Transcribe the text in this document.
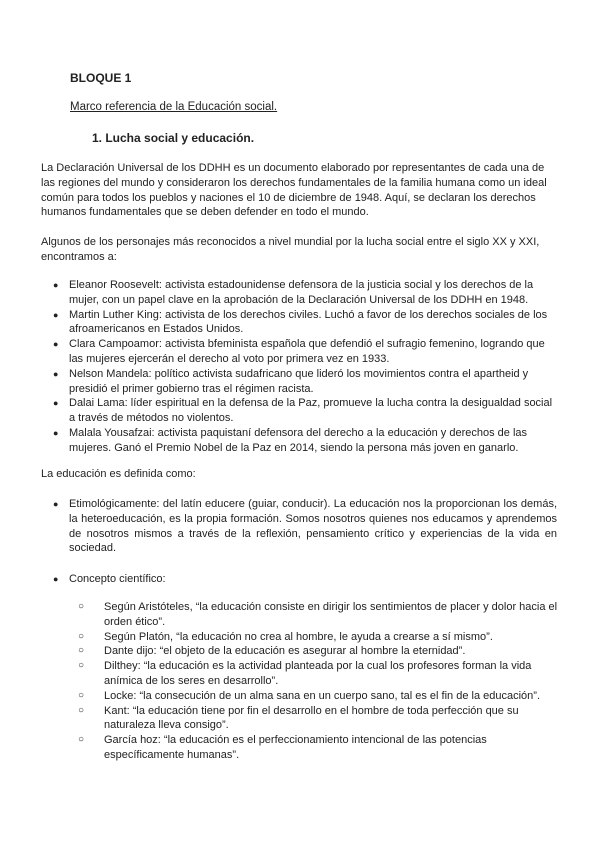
BLOQUE 1

Marco referencia de la Educación social.

1. Lucha social y educación.

La Declaración Universal de los DDHH es un documento elaborado por representantes de cada una de las regiones del mundo y consideraron los derechos fundamentales de la familia humana como un ideal común para todos los pueblos y naciones el 10 de diciembre de 1948. Aquí, se declaran los derechos humanos fundamentales que se deben defender en todo el mundo.

Algunos de los personajes más reconocidos a nivel mundial por la lucha social entre el siglo XX y XXI, encontramos a:

● Eleanor Roosevelt: activista estadounidense defensora de la justicia social y los derechos de la mujer, con un papel clave en la aprobación de la Declaración Universal de los DDHH en 1948.
● Martin Luther King: activista de los derechos civiles. Luchó a favor de los derechos sociales de los afroamericanos en Estados Unidos.
● Clara Campoamor: activista bfeminista española que defendió el sufragio femenino, logrando que las mujeres ejercerán el derecho al voto por primera vez en 1933.
● Nelson Mandela: político activista sudafricano que lideró los movimientos contra el apartheid y presidió el primer gobierno tras el régimen racista.
● Dalai Lama: líder espiritual en la defensa de la Paz, promueve la lucha contra la desigualdad social a través de métodos no violentos.
● Malala Yousafzai: activista paquistaní defensora del derecho a la educación y derechos de las mujeres. Ganó el Premio Nobel de la Paz en 2014, siendo la persona más joven en ganarlo.

La educación es definida como:

● Etimológicamente: del latín educere (guiar, conducir). La educación nos la proporcionan los demás, la heteroeducación, es la propia formación. Somos nosotros quienes nos educamos y aprendemos de nosotros mismos a través de la reflexión, pensamiento crítico y experiencias de la vida en sociedad.
● Concepto científico:
○ Según Aristóteles, “la educación consiste en dirigir los sentimientos de placer y dolor hacia el orden ético”.
○ Según Platón, “la educación no crea al hombre, le ayuda a crearse a sí mismo”.
○ Dante dijo: “el objeto de la educación es asegurar al hombre la eternidad”.
○ Dilthey: “la educación es la actividad planteada por la cual los profesores forman la vida anímica de los seres en desarrollo”.
○ Locke: “la consecución de un alma sana en un cuerpo sano, tal es el fin de la educación”.
○ Kant: “la educación tiene por fin el desarrollo en el hombre de toda perfección que su naturaleza lleva consigo”.
○ García hoz: “la educación es el perfeccionamiento intencional de las potencias específicamente humanas”.
